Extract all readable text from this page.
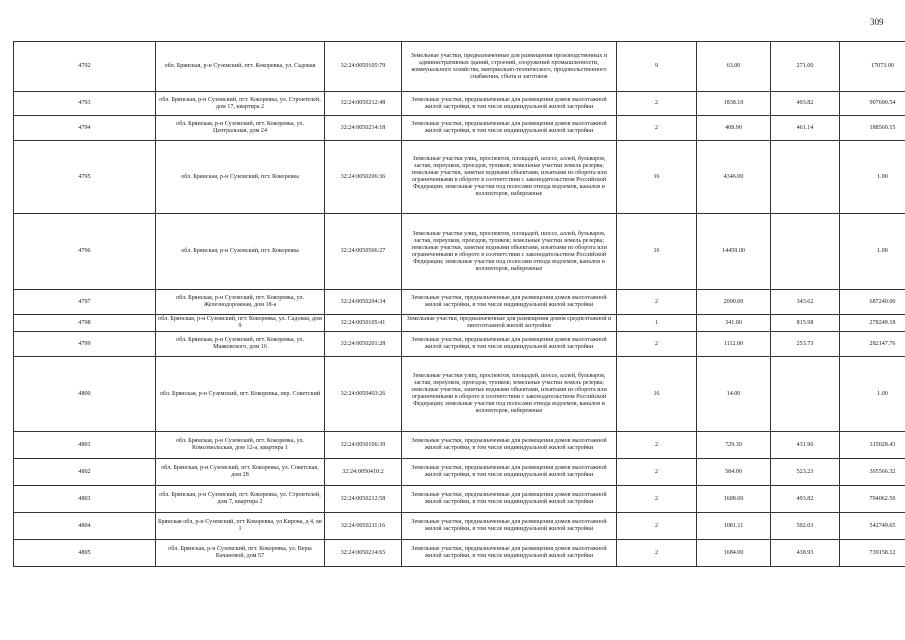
309
4792	обл. Брянская, р-н Суземский, пгт. Кокоревка, ул. Садовая	32:24:0050105:79	Земельные участки, предназначенные для размещения производственных и административных зданий, строений, сооружений промышленности, коммунального хозяйства, материально-технического, продовольственного снабжения, сбыта и заготовок	9	63.00	271.00	17073.00
4793	обл. Брянская, р-н Суземский, пгт. Кокоревка, ул. Строителей, дом 17, квартира 2	32:24:0050212:48	Земельные участки, предназначенные для размещения домов малоэтажной жилой застройки, в том числе индивидуальной жилой застройки	2	1838.10	493.82	907690.54
4794	обл. Брянская, р-н Суземский, пгт. Кокоревка, ул. Центральная, дом 24	32:24:0050214:18	Земельные участки, предназначенные для размещения домов малоэтажной жилой застройки, в том числе индивидуальной жилой застройки	2	408.90	461.14	188560.15
4795	обл. Брянская, р-н Суземский, пгт. Кокоревка	32:24:0050206:36	Земельные участки улиц, проспектов, площадей, шоссе, аллей, бульваров, застав, переулков, проездов, тупиков; земельные участки земель резерва; земельные участки, занятые водными объектами, изъятыми из оборота или ограниченными в обороте в соответствии с законодательством Российской Федерации; земельные участки под полосами отвода водоемов, каналов и коллекторов, набережные	16	4346.00		1.00
4796	обл. Брянская, р-н Суземский, пгт. Кокоревка	32:24:0050506:27	Земельные участки улиц, проспектов, площадей, шоссе, аллей, бульваров, застав, переулков, проездов, тупиков; земельные участки земель резерва; земельные участки, занятые водными объектами, изъятыми из оборота или ограниченными в обороте в соответствии с законодательством Российской Федерации; земельные участки под полосами отвода водоемов, каналов и коллекторов, набережные	16	14459.00		1.00
4797	обл. Брянская, р-н Суземский, пгт. Кокоревка, ул. Железнодорожная, дом 18-а	32:24:0050204:34	Земельные участки, предназначенные для размещения домов малоэтажной жилой застройки, в том числе индивидуальной жилой застройки	2	2000.00	343.62	687240.00
4798	обл. Брянская, р-н Суземский, пгт. Кокоревка, ул. Садовая, дом 9	32:24:0050105:41	Земельные участки, предназначенные для размещения домов среднеэтажной и многоэтажной жилой застройки	1	341.00	815.98	278249.18
4799	обл. Брянская, р-н Суземский, пгт. Кокоревка, ул. Маяковского, дом 16	32:24:0050201:28	Земельные участки, предназначенные для размещения домов малоэтажной жилой застройки, в том числе индивидуальной жилой застройки	2	1112.00	253.73	282147.76
4800	обл. Брянская, р-н Суземский, пгт. Кокоревка, пер. Советский	32:24:0050403:26	Земельные участки улиц, проспектов, площадей, шоссе, аллей, бульваров, застав, переулков, проездов, тупиков; земельные участки земель резерва; земельные участки, занятые водными объектами, изъятыми из оборота или ограниченными в обороте в соответствии с законодательством Российской Федерации; земельные участки под полосами отвода водоемов, каналов и коллекторов, набережные	16	14.00		1.00
4801	обл. Брянская, р-н Суземский, пгт. Кокоревка, ул. Комсомольская, дом 12-а, квартира 1	32:24:0050106:39	Земельные участки, предназначенные для размещения домов малоэтажной жилой застройки, в том числе индивидуальной жилой застройки	2	729.30	431.96	315028.43
4802	обл. Брянская, р-н Суземский, пгт. Кокоревка, ул. Советская, дом 28	32:24:0050410:2	Земельные участки, предназначенные для размещения домов малоэтажной жилой застройки, в том числе индивидуальной жилой застройки	2	584.00	523.23	305566.32
4803	обл. Брянская, р-н Суземский, пгт. Кокоревка, ул. Строителей, дом 7, квартира 2	32:24:0050212:58	Земельные участки, предназначенные для размещения домов малоэтажной жилой застройки, в том числе индивидуальной жилой застройки	2	1608.00	493.82	794062.56
4804	Брянская обл, р-н Суземский, пгт Кокоревка, ул Кирова, д 4, кв 1	32:24:0050211:16	Земельные участки, предназначенные для размещения домов малоэтажной жилой застройки, в том числе индивидуальной жилой застройки	2	1081.11	502.03	542749.65
4805	обл. Брянская, р-н Суземский, пгт. Кокоревка, ул. Веры Качановой, дом 57	32:24:0050214:65	Земельные участки, предназначенные для размещения домов малоэтажной жилой застройки, в том числе индивидуальной жилой застройки	2	1684.00	438.93	739158.12
